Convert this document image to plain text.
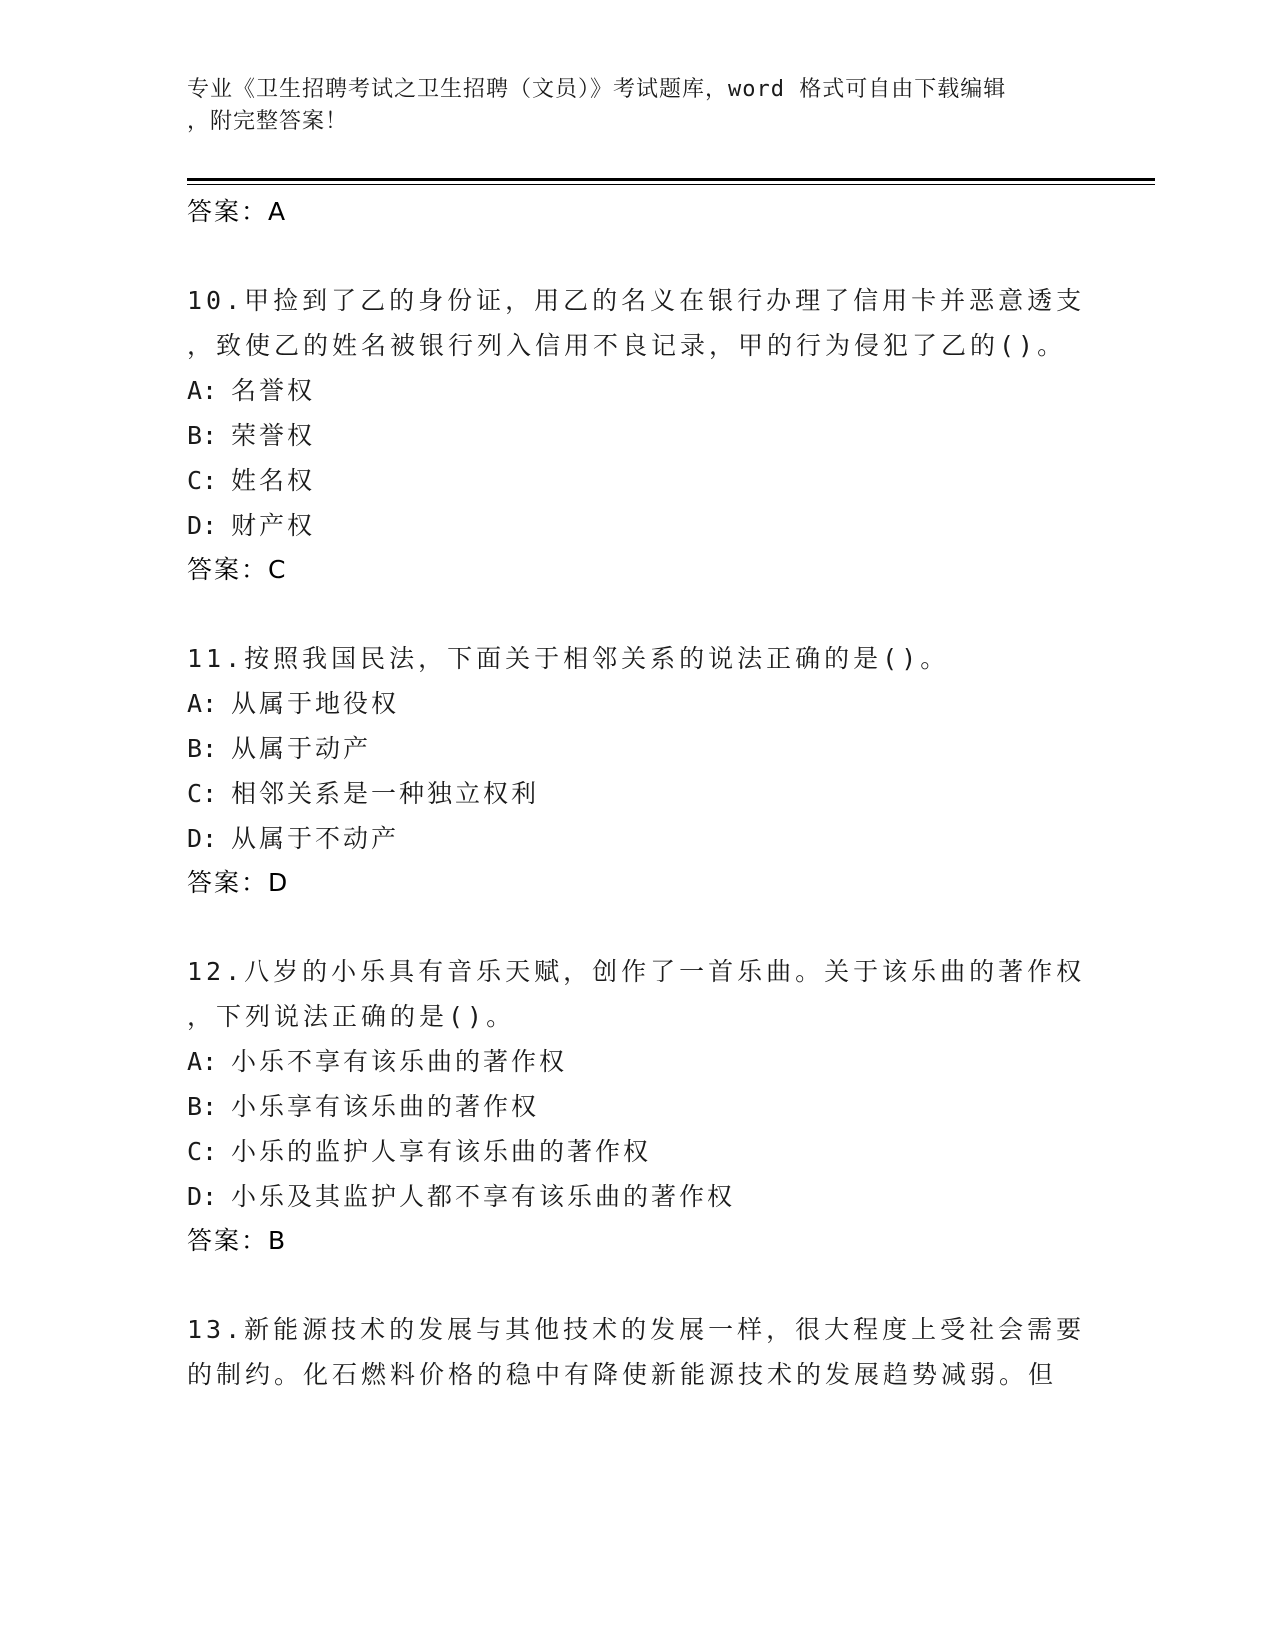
专业《卫生招聘考试之卫生招聘（文员）》考试题库，word 格式可自由下载编辑
，附完整答案！
答案：A
10.甲捡到了乙的身份证，用乙的名义在银行办理了信用卡并恶意透支
，致使乙的姓名被银行列入信用不良记录，甲的行为侵犯了乙的()。
A: 名誉权
B: 荣誉权
C: 姓名权
D: 财产权
答案：C
11.按照我国民法，下面关于相邻关系的说法正确的是()。
A: 从属于地役权
B: 从属于动产
C: 相邻关系是一种独立权利
D: 从属于不动产
答案：D
12.八岁的小乐具有音乐天赋，创作了一首乐曲。关于该乐曲的著作权
，下列说法正确的是()。
A: 小乐不享有该乐曲的著作权
B: 小乐享有该乐曲的著作权
C: 小乐的监护人享有该乐曲的著作权
D: 小乐及其监护人都不享有该乐曲的著作权
答案：B
13.新能源技术的发展与其他技术的发展一样，很大程度上受社会需要
的制约。化石燃料价格的稳中有降使新能源技术的发展趋势减弱。但
